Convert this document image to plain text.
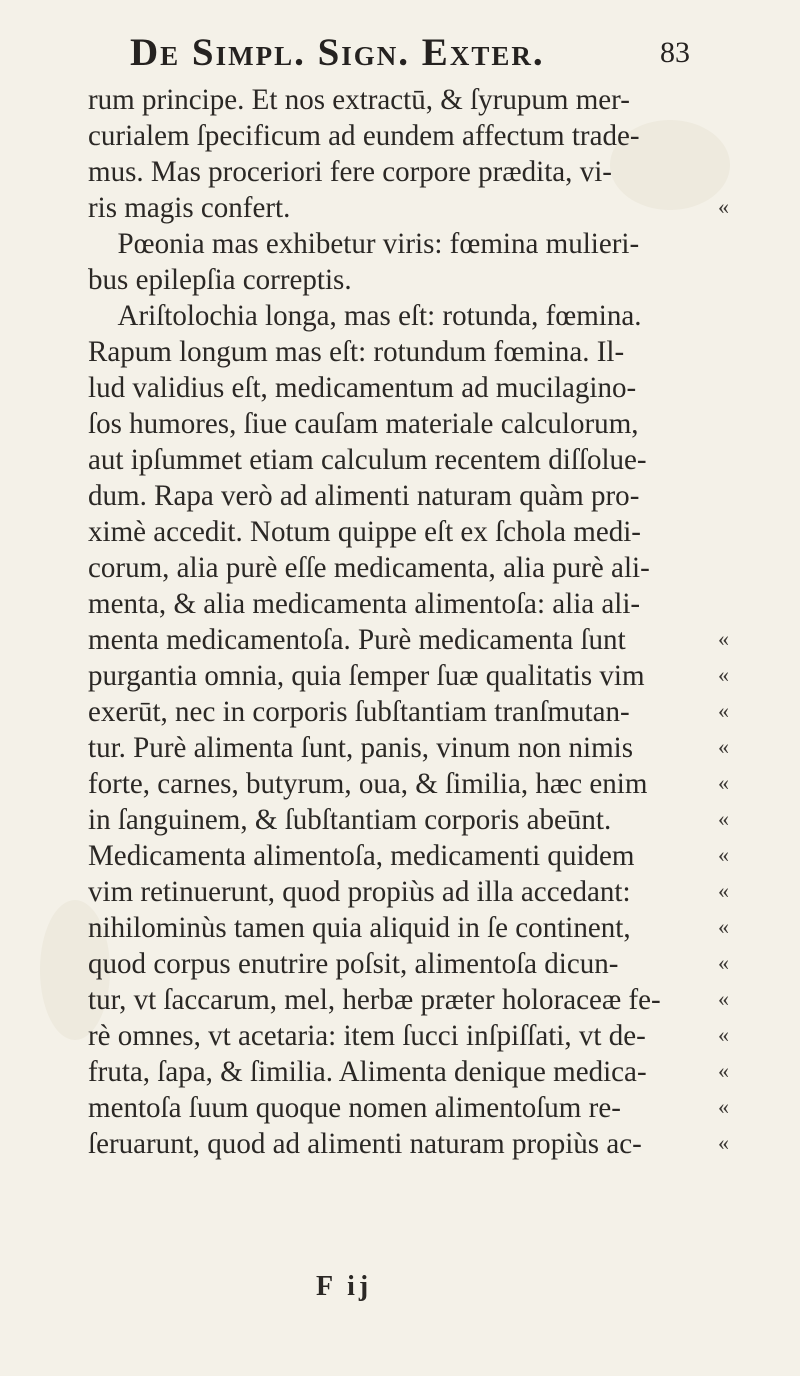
De Simpl. Sign. Exter.	83
rum principe. Et nos extractū, & ſyrupum mer-
curialem ſpecificum ad eundem affectum trade-
mus. Mas proceriori fere corpore prædita, vi-
ris magis confert.
Pœonia mas exhibetur viris: fœmina mulieri-
bus epilepſia correptis.
Ariſtolochia longa, mas eſt: rotunda, fœmina.
Rapum longum mas eſt: rotundum fœmina. Il-
lud validius eſt, medicamentum ad mucilagino-
ſos humores, ſiue cauſam materiale calculorum,
aut ipſummet etiam calculum recentem diſſolue-
dum. Rapa verò ad alimenti naturam quàm pro-
ximè accedit. Notum quippe eſt ex ſchola medi-
corum, alia purè eſſe medicamenta, alia purè ali-
menta, & alia medicamenta alimentoſa: alia ali-
menta medicamentoſa. Purè medicamenta ſunt
purgantia omnia, quia ſemper ſuæ qualitatis vim
exerūt, nec in corporis ſubſtantiam tranſmutan-
tur. Purè alimenta ſunt, panis, vinum non nimis
forte, carnes, butyrum, oua, & ſimilia, hæc enim
in ſanguinem, & ſubſtantiam corporis abeūnt.
Medicamenta alimentoſa, medicamenti quidem
vim retinuerunt, quod propiùs ad illa accedant:
nihilominùs tamen quia aliquid in ſe continent,
quod corpus enutrire poſsit, alimentoſa dicun-
tur, vt ſaccarum, mel, herbæ præter holoraceæ fe-
rè omnes, vt acetaria: item ſucci inſpiſſati, vt de-
fruta, ſapa, & ſimilia. Alimenta denique medica-
mentoſa ſuum quoque nomen alimentoſum re-
ſeruarunt, quod ad alimenti naturam propiùs ac-
F ij
«
«
«
«
«
«
«
«
«
«
«
«
«
«
«
«
